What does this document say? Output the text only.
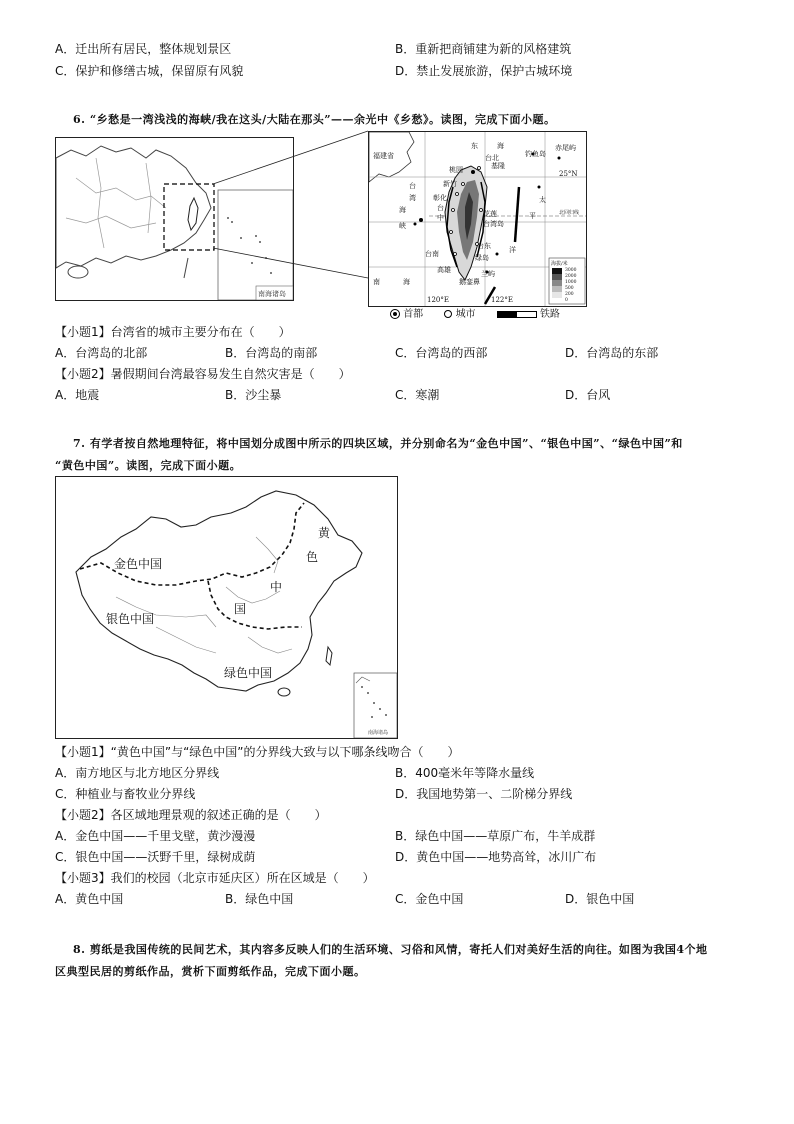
A．迁出所有居民，整体规划景区	B．重新把商铺建为新的风格建筑
C．保护和修缮古城，保留原有风貌	D．禁止发展旅游，保护古城环境
6. “乡愁是一湾浅浅的海峡/我在这头/大陆在那头”——余光中《乡愁》。读图，完成下面小题。
南海诸岛
福建省
东	海
台北
基隆
钓鱼岛
赤尾屿
25°N
桃园
新竹
台
湾 彰化
海
峡
台
中
太
平
花莲
台湾岛
北回归线
台东	洋
台南	绿岛
兰屿
高雄
鹅銮鼻
南	海
120°E	122°E
海拔/米
3000
2000
1000
500
200
0
首都	城市	铁路
【小题1】台湾省的城市主要分布在（　　）
A．台湾岛的北部	B．台湾岛的南部	C．台湾岛的西部	D．台湾岛的东部
【小题2】暑假期间台湾最容易发生自然灾害是（　　）
A．地震	B．沙尘暴	C．寒潮	D．台风
7. 有学者按自然地理特征，将中国划分成图中所示的四块区域，并分别命名为“金色中国”、“银色中国”、“绿色中国”和
“黄色中国”。读图，完成下面小题。
金色中国
银色中国
绿色中国
黄
色
中
国
南海诸岛
【小题1】“黄色中国”与“绿色中国”的分界线大致与以下哪条线吻合（　　）
A．南方地区与北方地区分界线	B．400毫米年等降水量线
C．种植业与畜牧业分界线	D．我国地势第一、二阶梯分界线
【小题2】各区域地理景观的叙述正确的是（　　）
A．金色中国——千里戈壁，黄沙漫漫	B．绿色中国——草原广布，牛羊成群
C．银色中国——沃野千里，绿树成荫	D．黄色中国——地势高耸，冰川广布
【小题3】我们的校园（北京市延庆区）所在区域是（　　）
A．黄色中国	B．绿色中国	C．金色中国	D．银色中国
8. 剪纸是我国传统的民间艺术，其内容多反映人们的生活环境、习俗和风情，寄托人们对美好生活的向往。如图为我国4个地
区典型民居的剪纸作品，赏析下面剪纸作品，完成下面小题。
